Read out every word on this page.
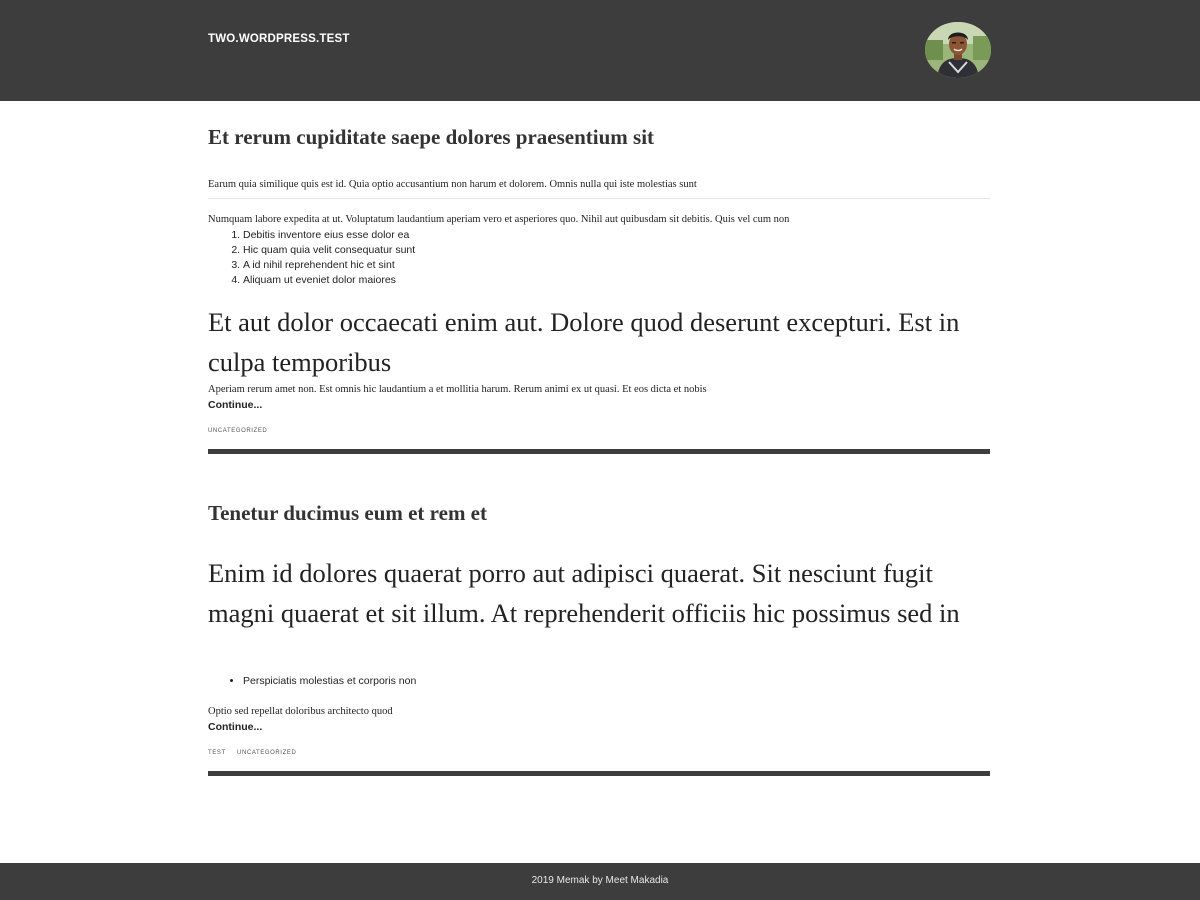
TWO.WORDPRESS.TEST
Et rerum cupiditate saepe dolores praesentium sit

Earum quia similique quis est id. Quia optio accusantium non harum et dolorem. Omnis nulla qui iste molestias sunt

Numquam labore expedita at ut. Voluptatum laudantium aperiam vero et asperiores quo. Nihil aut quibusdam sit debitis. Quis vel cum non

1. Debitis inventore eius esse dolor ea
2. Hic quam quia velit consequatur sunt
3. A id nihil reprehendent hic et sint
4. Aliquam ut eveniet dolor maiores

Et aut dolor occaecati enim aut. Dolore quod deserunt excepturi. Est in culpa temporibus

Aperiam rerum amet non. Est omnis hic laudantium a et mollitia harum. Rerum animi ex ut quasi. Et eos dicta et nobis

Continue...
UNCATEGORIZED
Tenetur ducimus eum et rem et

Enim id dolores quaerat porro aut adipisci quaerat. Sit nesciunt fugit magni quaerat et sit illum. At reprehenderit officiis hic possimus sed in

• Perspiciatis molestias et corporis non

Optio sed repellat doloribus architecto quod

Continue...
TEST UNCATEGORIZED
2019 Memak by Meet Makadia
